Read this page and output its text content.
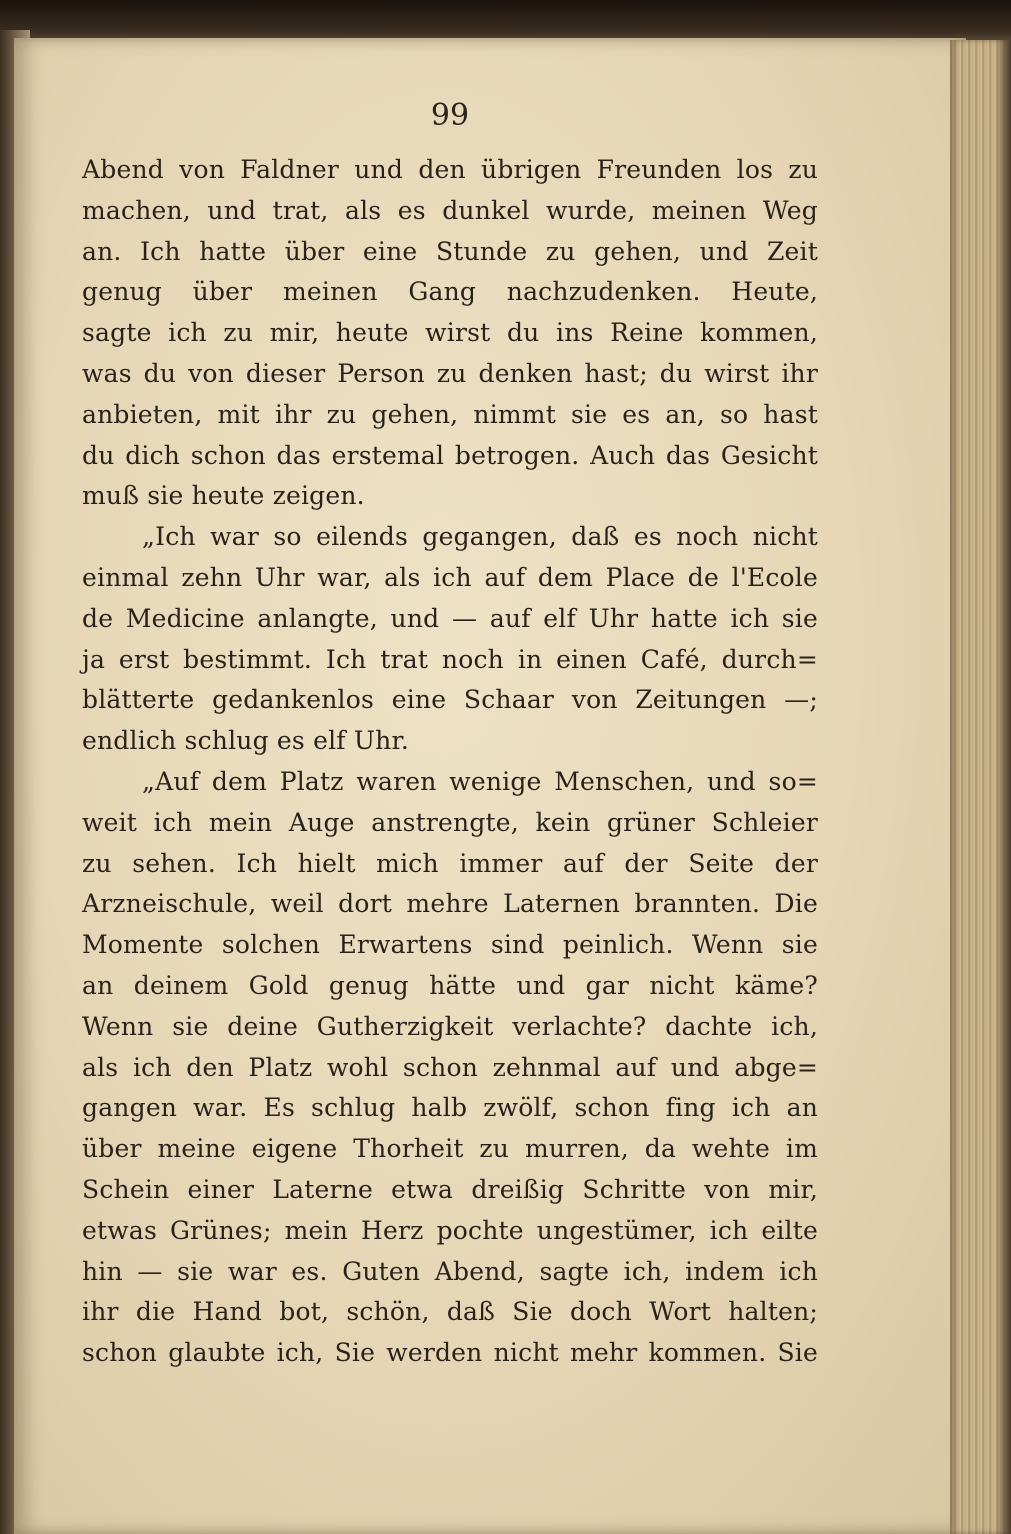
99
Abend von Faldner und den übrigen Freunden los zu
machen, und trat, als es dunkel wurde, meinen Weg
an. Ich hatte über eine Stunde zu gehen, und Zeit
genug über meinen Gang nachzudenken. Heute,
sagte ich zu mir, heute wirst du ins Reine kommen,
was du von dieser Person zu denken hast; du wirst ihr
anbieten, mit ihr zu gehen, nimmt sie es an, so hast
du dich schon das erstemal betrogen. Auch das Gesicht
muß sie heute zeigen.
„Ich war so eilends gegangen, daß es noch nicht
einmal zehn Uhr war, als ich auf dem Place de l'Ecole
de Medicine anlangte, und — auf elf Uhr hatte ich sie
ja erst bestimmt. Ich trat noch in einen Café, durch=
blätterte gedankenlos eine Schaar von Zeitungen —;
endlich schlug es elf Uhr.
„Auf dem Platz waren wenige Menschen, und so=
weit ich mein Auge anstrengte, kein grüner Schleier
zu sehen. Ich hielt mich immer auf der Seite der
Arzneischule, weil dort mehre Laternen brannten. Die
Momente solchen Erwartens sind peinlich. Wenn sie
an deinem Gold genug hätte und gar nicht käme?
Wenn sie deine Gutherzigkeit verlachte? dachte ich,
als ich den Platz wohl schon zehnmal auf und abge=
gangen war. Es schlug halb zwölf, schon fing ich an
über meine eigene Thorheit zu murren, da wehte im
Schein einer Laterne etwa dreißig Schritte von mir,
etwas Grünes; mein Herz pochte ungestümer, ich eilte
hin — sie war es. Guten Abend, sagte ich, indem ich
ihr die Hand bot, schön, daß Sie doch Wort halten;
schon glaubte ich, Sie werden nicht mehr kommen. Sie
